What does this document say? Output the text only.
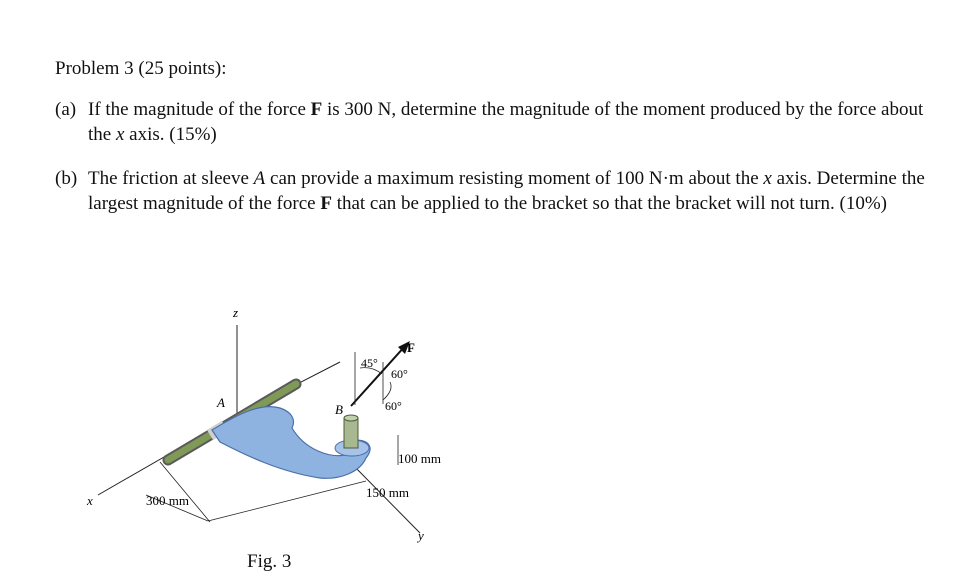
Problem 3 (25 points):
(a) If the magnitude of the force F is 300 N, determine the magnitude of the moment produced by the force about the x axis. (15%)
(b) The friction at sleeve A can provide a maximum resisting moment of 100 N·m about the x axis. Determine the largest magnitude of the force F that can be applied to the bracket so that the bracket will not turn. (10%)
z
x
y
A	B
F
45°
60°
60°
100 mm
150 mm
300 mm
Fig. 3
